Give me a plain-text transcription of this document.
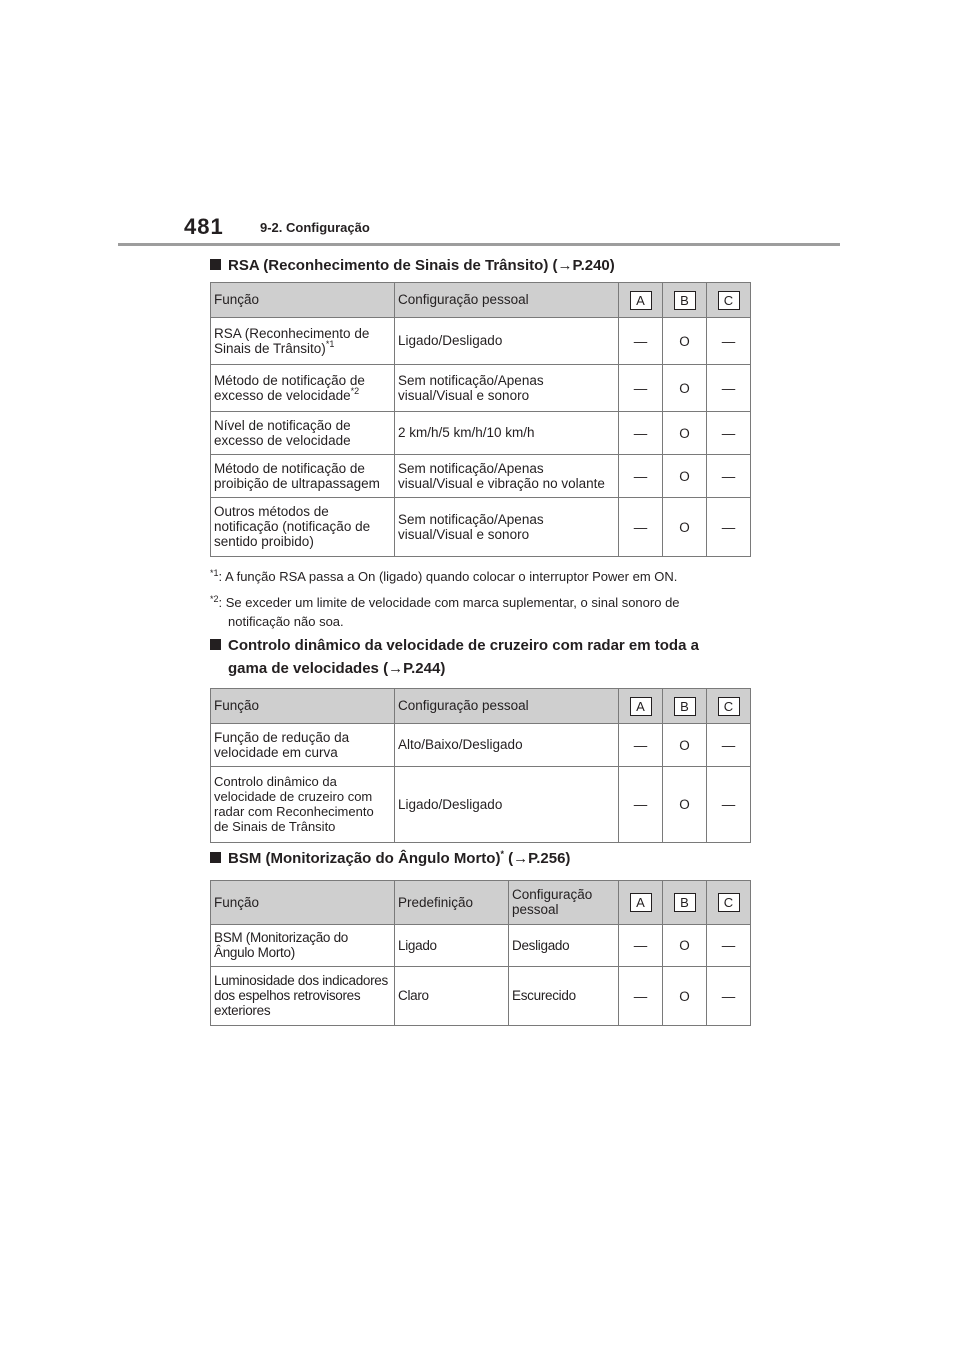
481	9-2. Configuração
RSA (Reconhecimento de Sinais de Trânsito) (→P.240)
Função	Configuração pessoal	A	B	C
RSA (Reconhecimento de Sinais de Trânsito)$^{*1}$	Ligado/Desligado	—	O	—
Método de notificação de excesso de velocidade$^{*2}$	Sem notificação/Apenas visual/Visual e sonoro	—	O	—
Nível de notificação de excesso de velocidade	2 km/h/5 km/h/10 km/h	—	O	—
Método de notificação de proibição de ultrapassagem	Sem notificação/Apenas visual/Visual e vibração no volante	—	O	—
Outros métodos de notificação (notificação de sentido proibido)	Sem notificação/Apenas visual/Visual e sonoro	—	O	—
$^{*1}$: A função RSA passa a On (ligado) quando colocar o interruptor Power em ON.
$^{*2}$: Se exceder um limite de velocidade com marca suplementar, o sinal sonoro de
notificação não soa.
Controlo dinâmico da velocidade de cruzeiro com radar em toda a
gama de velocidades (→P.244)
Função	Configuração pessoal	A	B	C
Função de redução da velocidade em curva	Alto/Baixo/Desligado	—	O	—
Controlo dinâmico da velocidade de cruzeiro com radar com Reconhecimento de Sinais de Trânsito	Ligado/Desligado	—	O	—
BSM (Monitorização do Ângulo Morto)* (→P.256)
Função	Predefinição	Configuração pessoal	A	B	C
BSM (Monitorização do Ângulo Morto)	Ligado	Desligado	—	O	—
Luminosidade dos indicadores dos espelhos retrovisores exteriores	Claro	Escurecido	—	O	—
